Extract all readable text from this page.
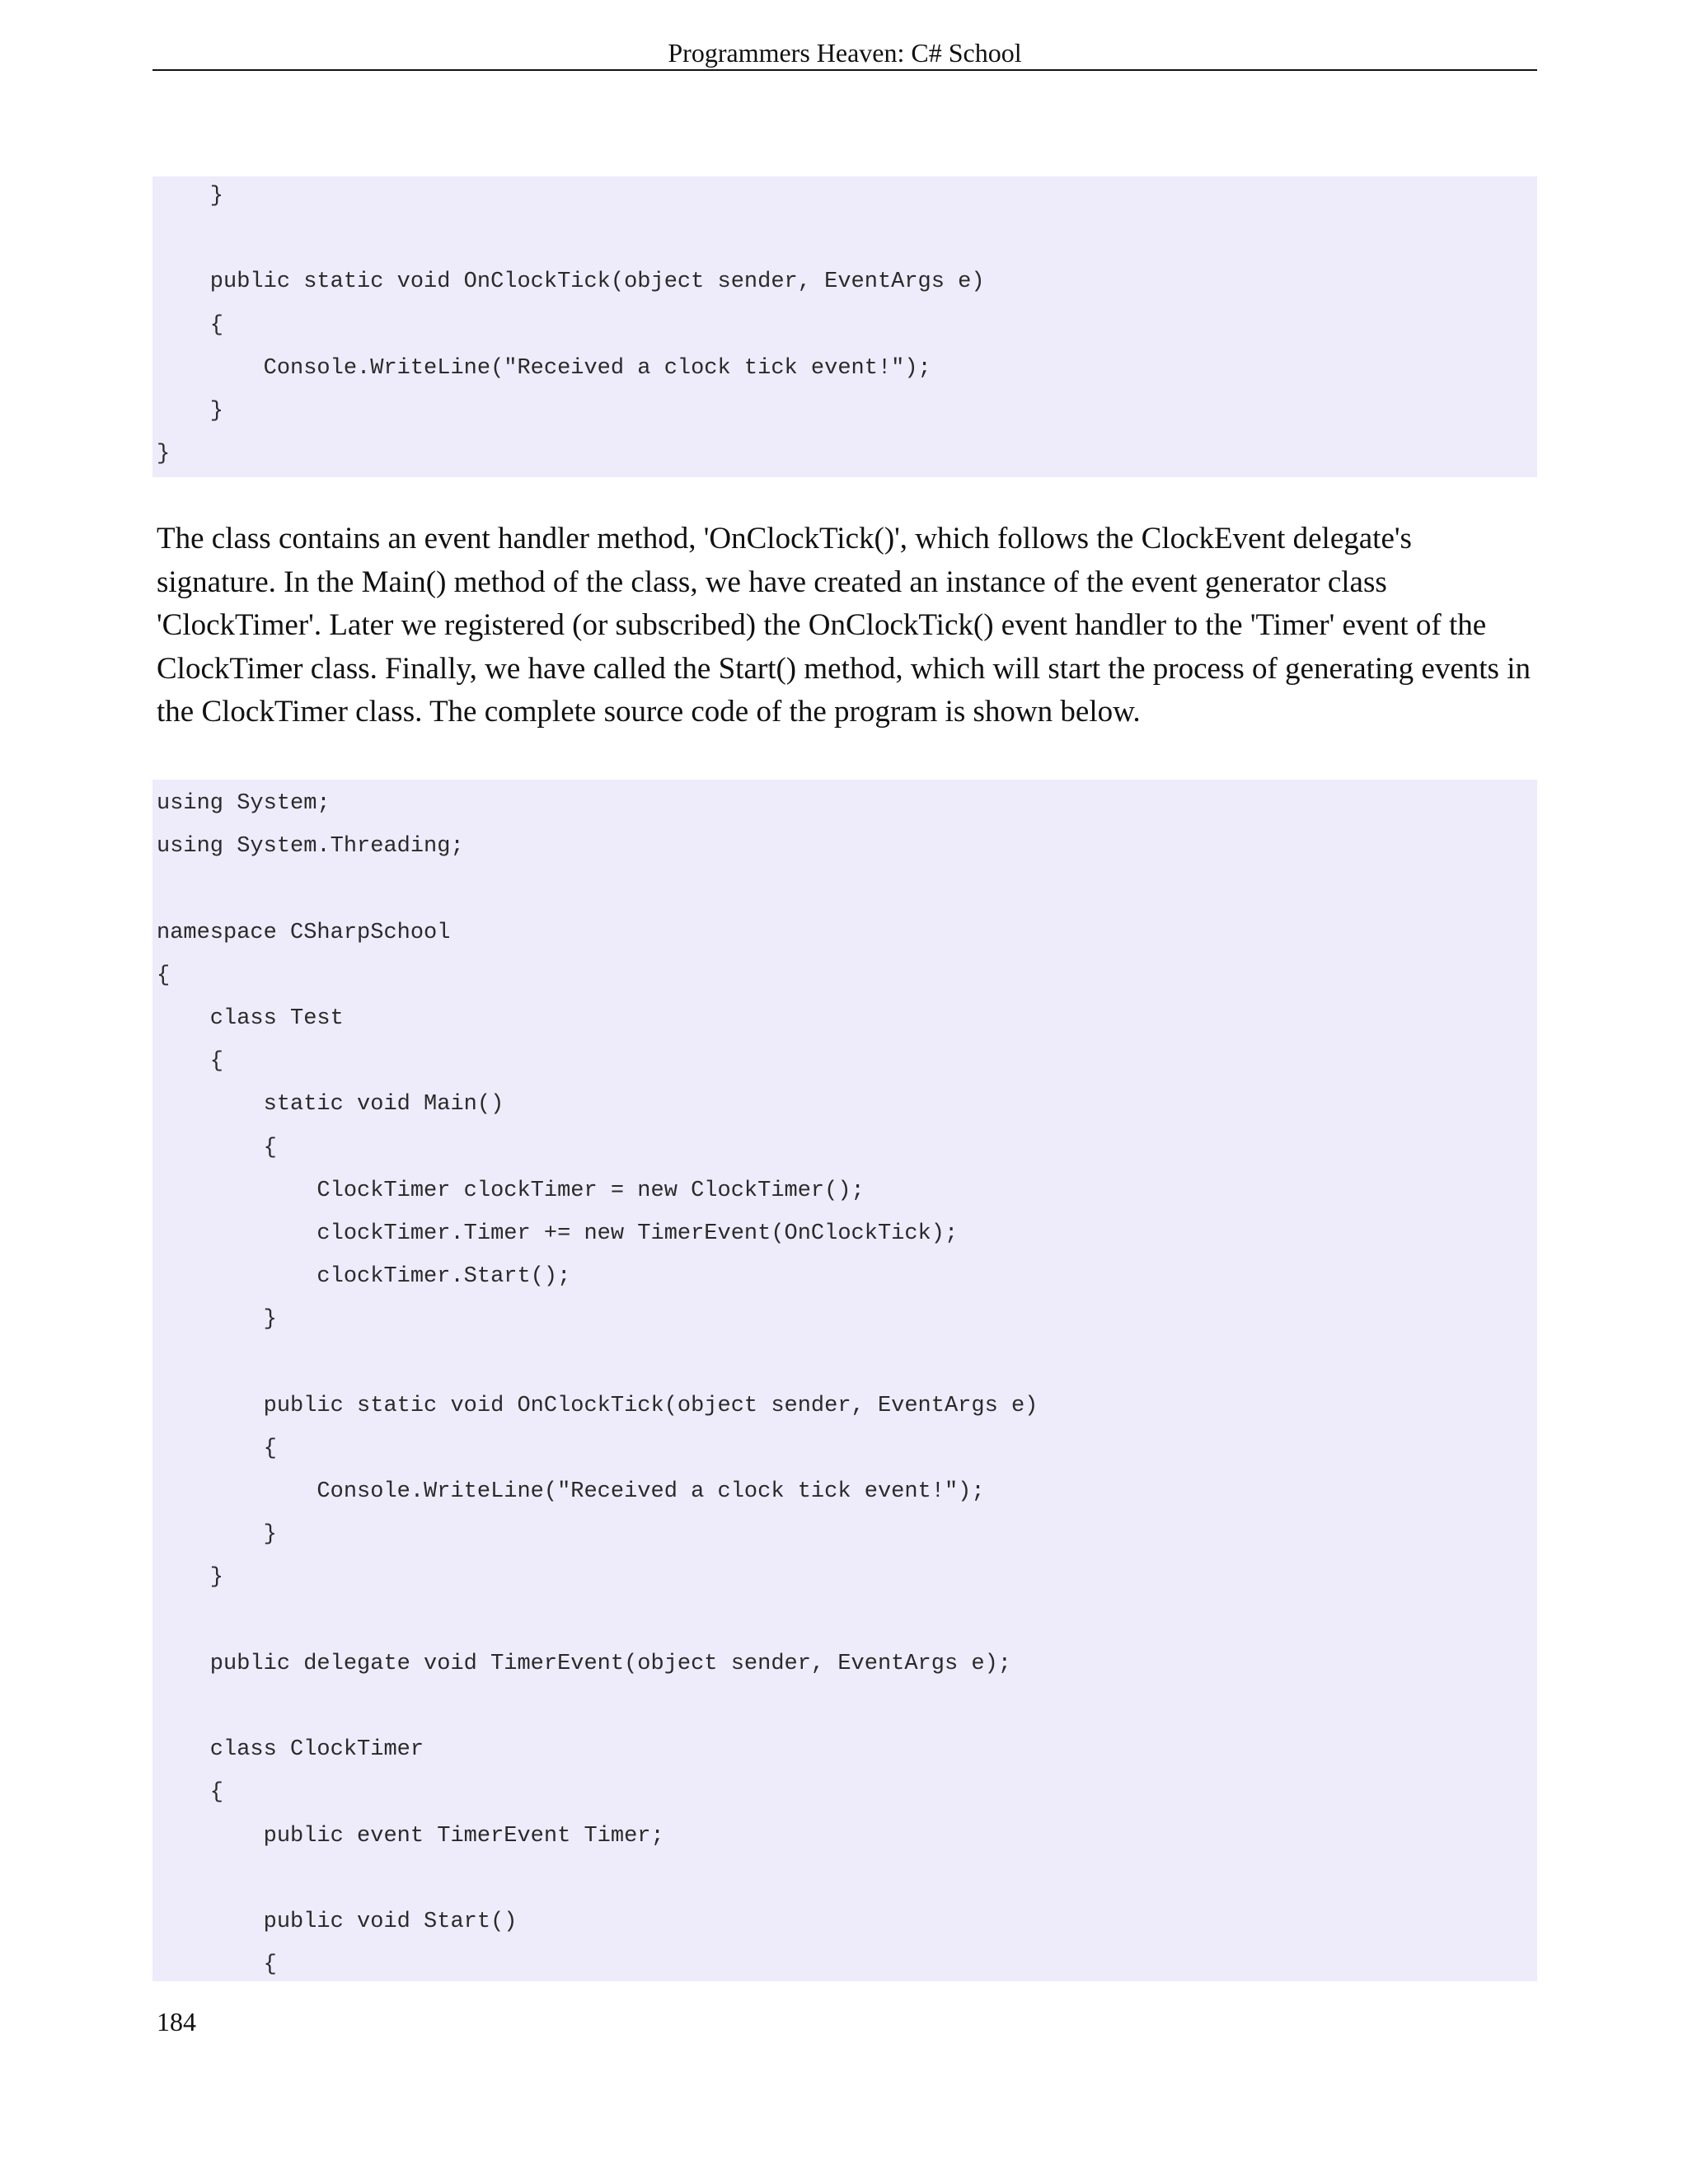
Programmers Heaven: C# School
}
public static void OnClockTick(object sender, EventArgs e)
{
Console.WriteLine("Received a clock tick event!");
}
}

The class contains an event handler method, 'OnClockTick()', which follows the ClockEvent delegate's signature. In the Main() method of the class, we have created an instance of the event generator class 'ClockTimer'. Later we registered (or subscribed) the OnClockTick() event handler to the 'Timer' event of the ClockTimer class. Finally, we have called the Start() method, which will start the process of generating events in the ClockTimer class. The complete source code of the program is shown below.

using System;
using System.Threading;
namespace CSharpSchool
{
class Test
{
static void Main()
{
ClockTimer clockTimer = new ClockTimer();
clockTimer.Timer += new TimerEvent(OnClockTick);
clockTimer.Start();
}
public static void OnClockTick(object sender, EventArgs e)
{
Console.WriteLine("Received a clock tick event!");
}
}
public delegate void TimerEvent(object sender, EventArgs e);
class ClockTimer
{
public event TimerEvent Timer;
public void Start()
{
184
